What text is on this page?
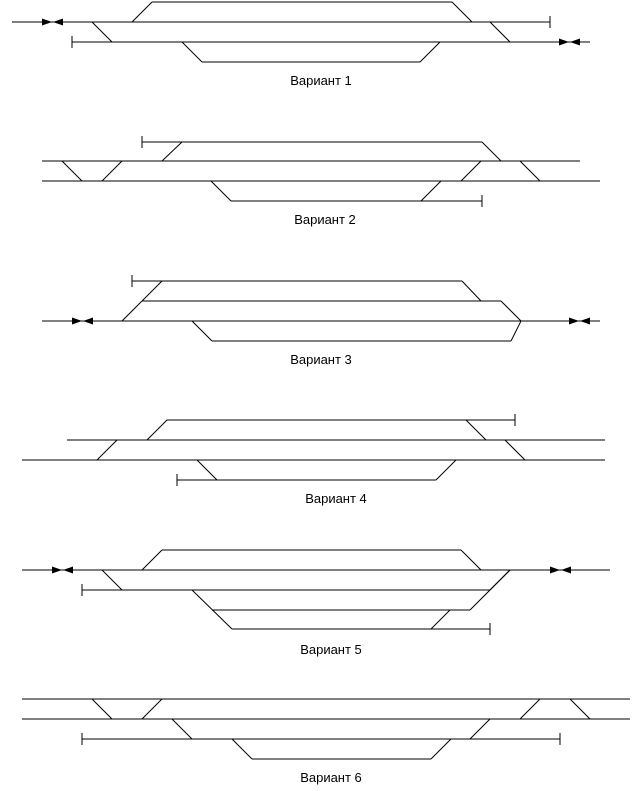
Вариант 1
Вариант 2
Вариант 3
Вариант 4
Вариант 5
Вариант 6
